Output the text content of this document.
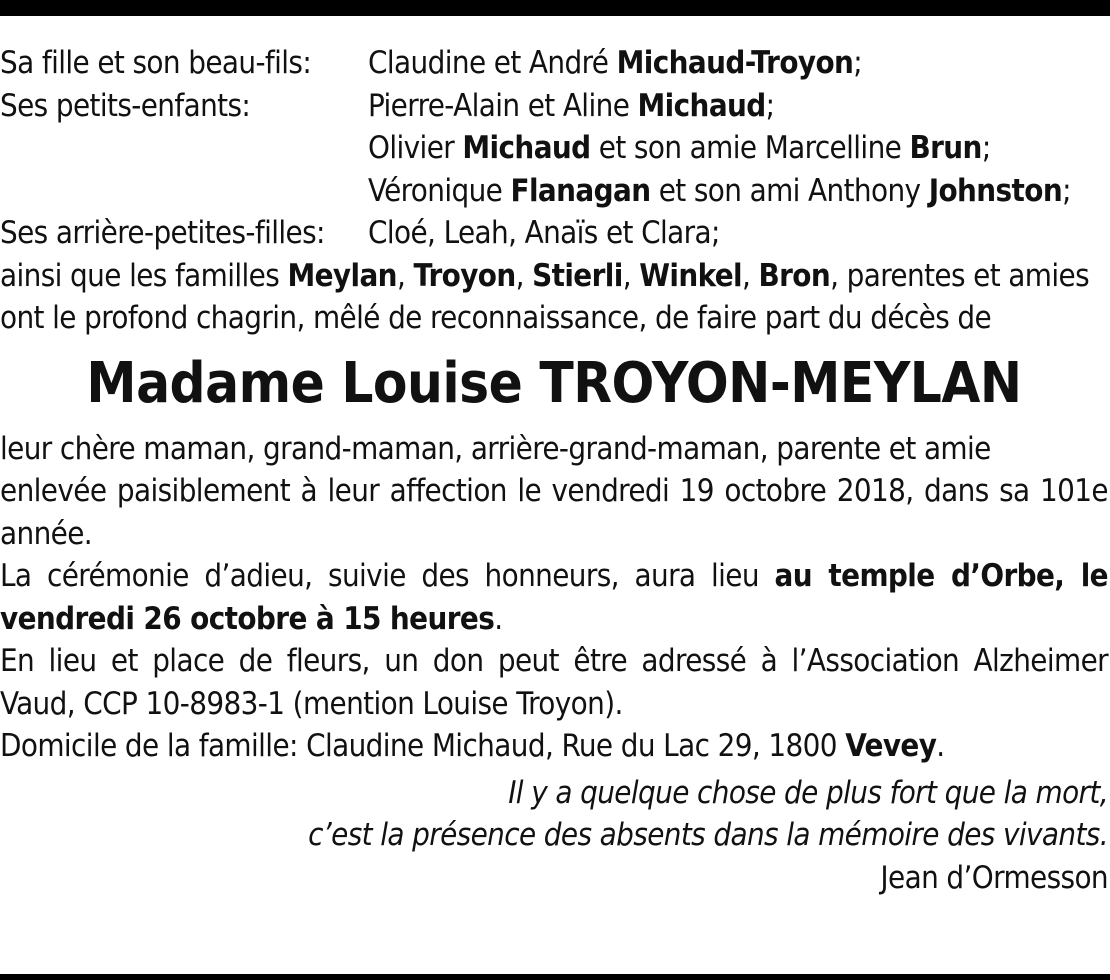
Sa fille et son beau-fils:	Claudine et André Michaud-Troyon;
Ses petits-enfants:	Pierre-Alain et Aline Michaud;
Olivier Michaud et son amie Marcelline Brun;
Véronique Flanagan et son ami Anthony Johnston;
Ses arrière-petites-filles:	Cloé, Leah, Anaïs et Clara;
ainsi que les familles Meylan, Troyon, Stierli, Winkel, Bron, parentes et amies
ont le profond chagrin, mêlé de reconnaissance, de faire part du décès de
Madame Louise TROYON-MEYLAN
leur chère maman, grand-maman, arrière-grand-maman, parente et amie
enlevée paisiblement à leur affection le vendredi 19 octobre 2018, dans sa 101e année.
La cérémonie d’adieu, suivie des honneurs, aura lieu au temple d’Orbe, le vendredi 26 octobre à 15 heures.
En lieu et place de fleurs, un don peut être adressé à l’Association Alzheimer Vaud, CCP 10-8983-1 (mention Louise Troyon).
Domicile de la famille: Claudine Michaud, Rue du Lac 29, 1800 Vevey.
Il y a quelque chose de plus fort que la mort,
c’est la présence des absents dans la mémoire des vivants.
Jean d’Ormesson
